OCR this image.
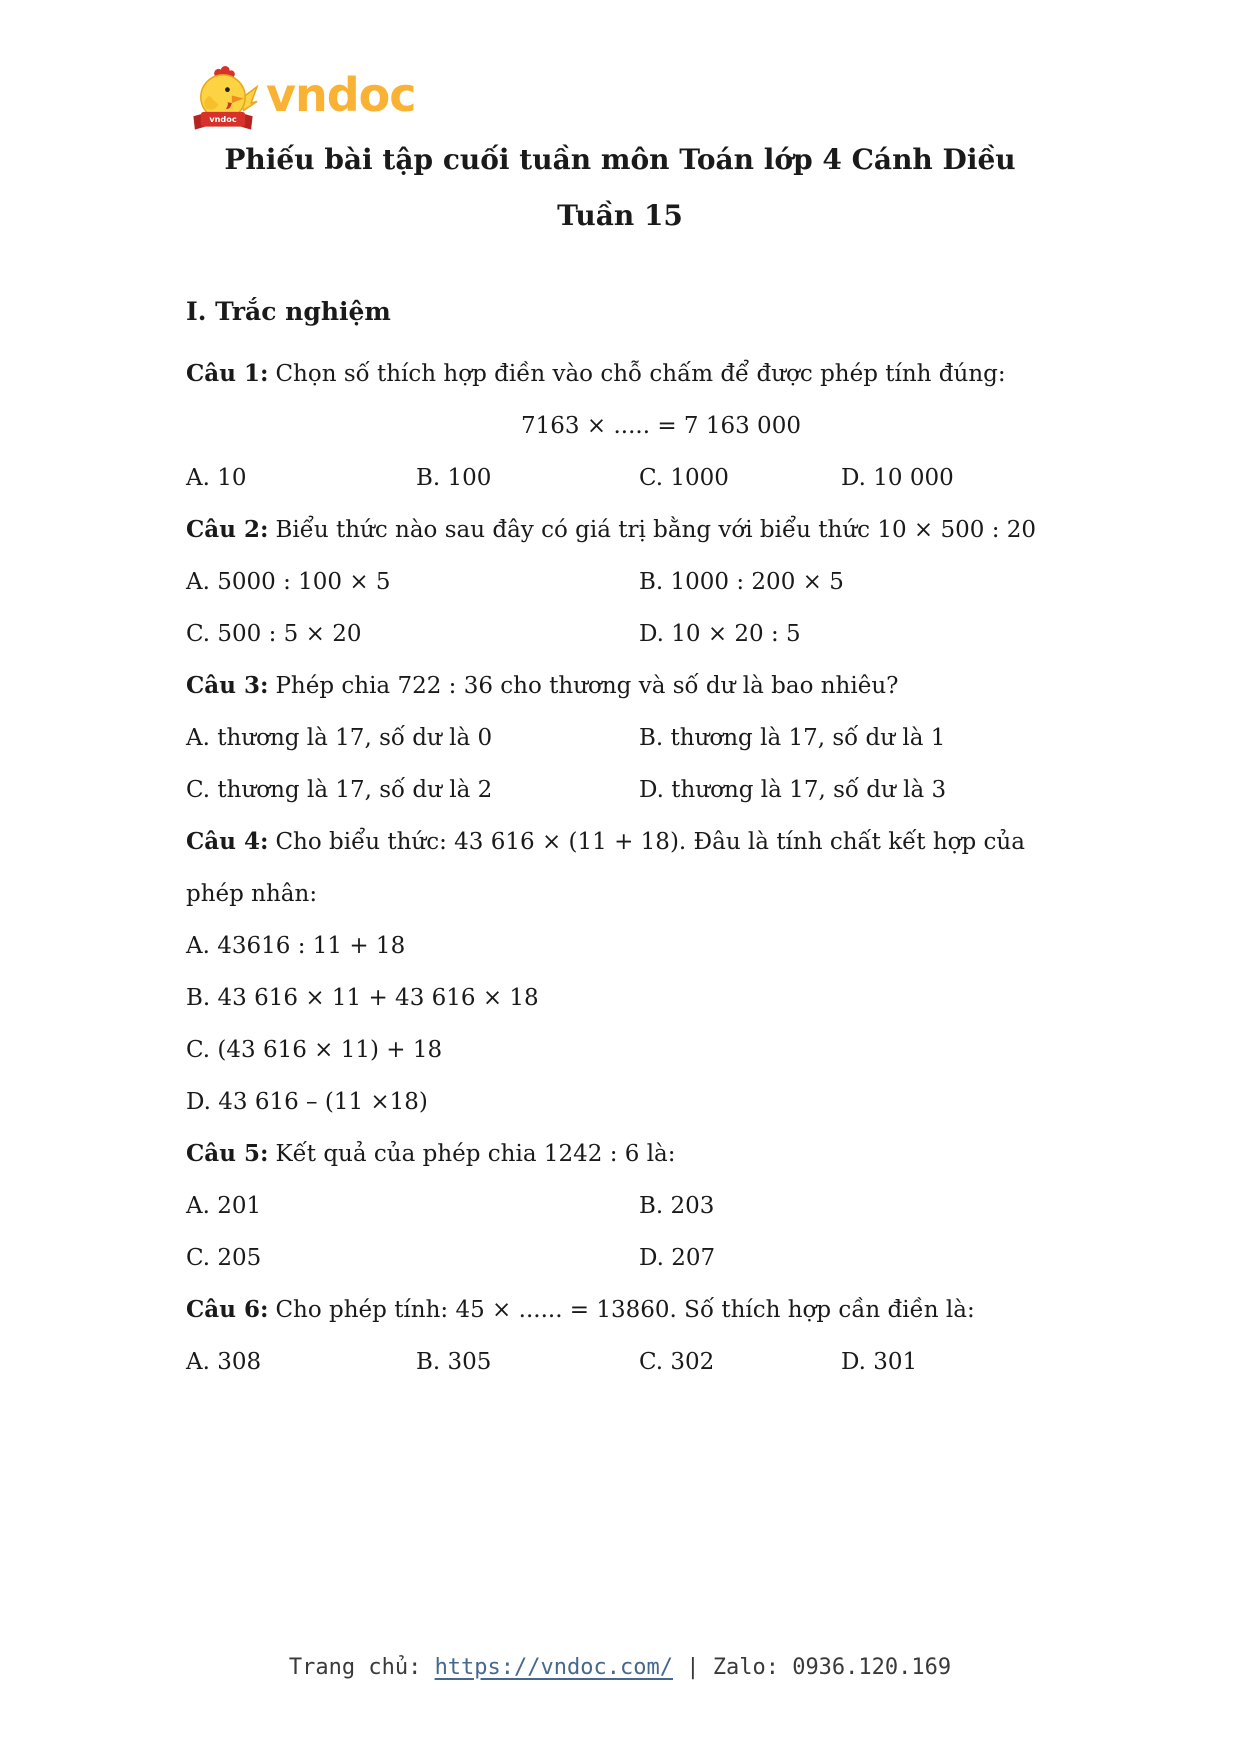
vndoc vndoc
Phiếu bài tập cuối tuần môn Toán lớp 4 Cánh Diều
Tuần 15
I. Trắc nghiệm
Câu 1: Chọn số thích hợp điền vào chỗ chấm để được phép tính đúng:
7163 × ..... = 7 163 000
A. 10	B. 100	C. 1000	D. 10 000
Câu 2: Biểu thức nào sau đây có giá trị bằng với biểu thức 10 × 500 : 20
A. 5000 : 100 × 5	B. 1000 : 200 × 5
C. 500 : 5 × 20	D. 10 × 20 : 5
Câu 3: Phép chia 722 : 36 cho thương và số dư là bao nhiêu?
A. thương là 17, số dư là 0	B. thương là 17, số dư là 1
C. thương là 17, số dư là 2	D. thương là 17, số dư là 3
Câu 4: Cho biểu thức: 43 616 × (11 + 18). Đâu là tính chất kết hợp của
phép nhân:
A. 43616 : 11 + 18
B. 43 616 × 11 + 43 616 × 18
C. (43 616 × 11) + 18
D. 43 616 – (11 ×18)
Câu 5: Kết quả của phép chia 1242 : 6 là:
A. 201	B. 203
C. 205	D. 207
Câu 6: Cho phép tính: 45 × ...... = 13860. Số thích hợp cần điền là:
A. 308	B. 305	C. 302	D. 301
Trang chủ: https://vndoc.com/ | Zalo: 0936.120.169
